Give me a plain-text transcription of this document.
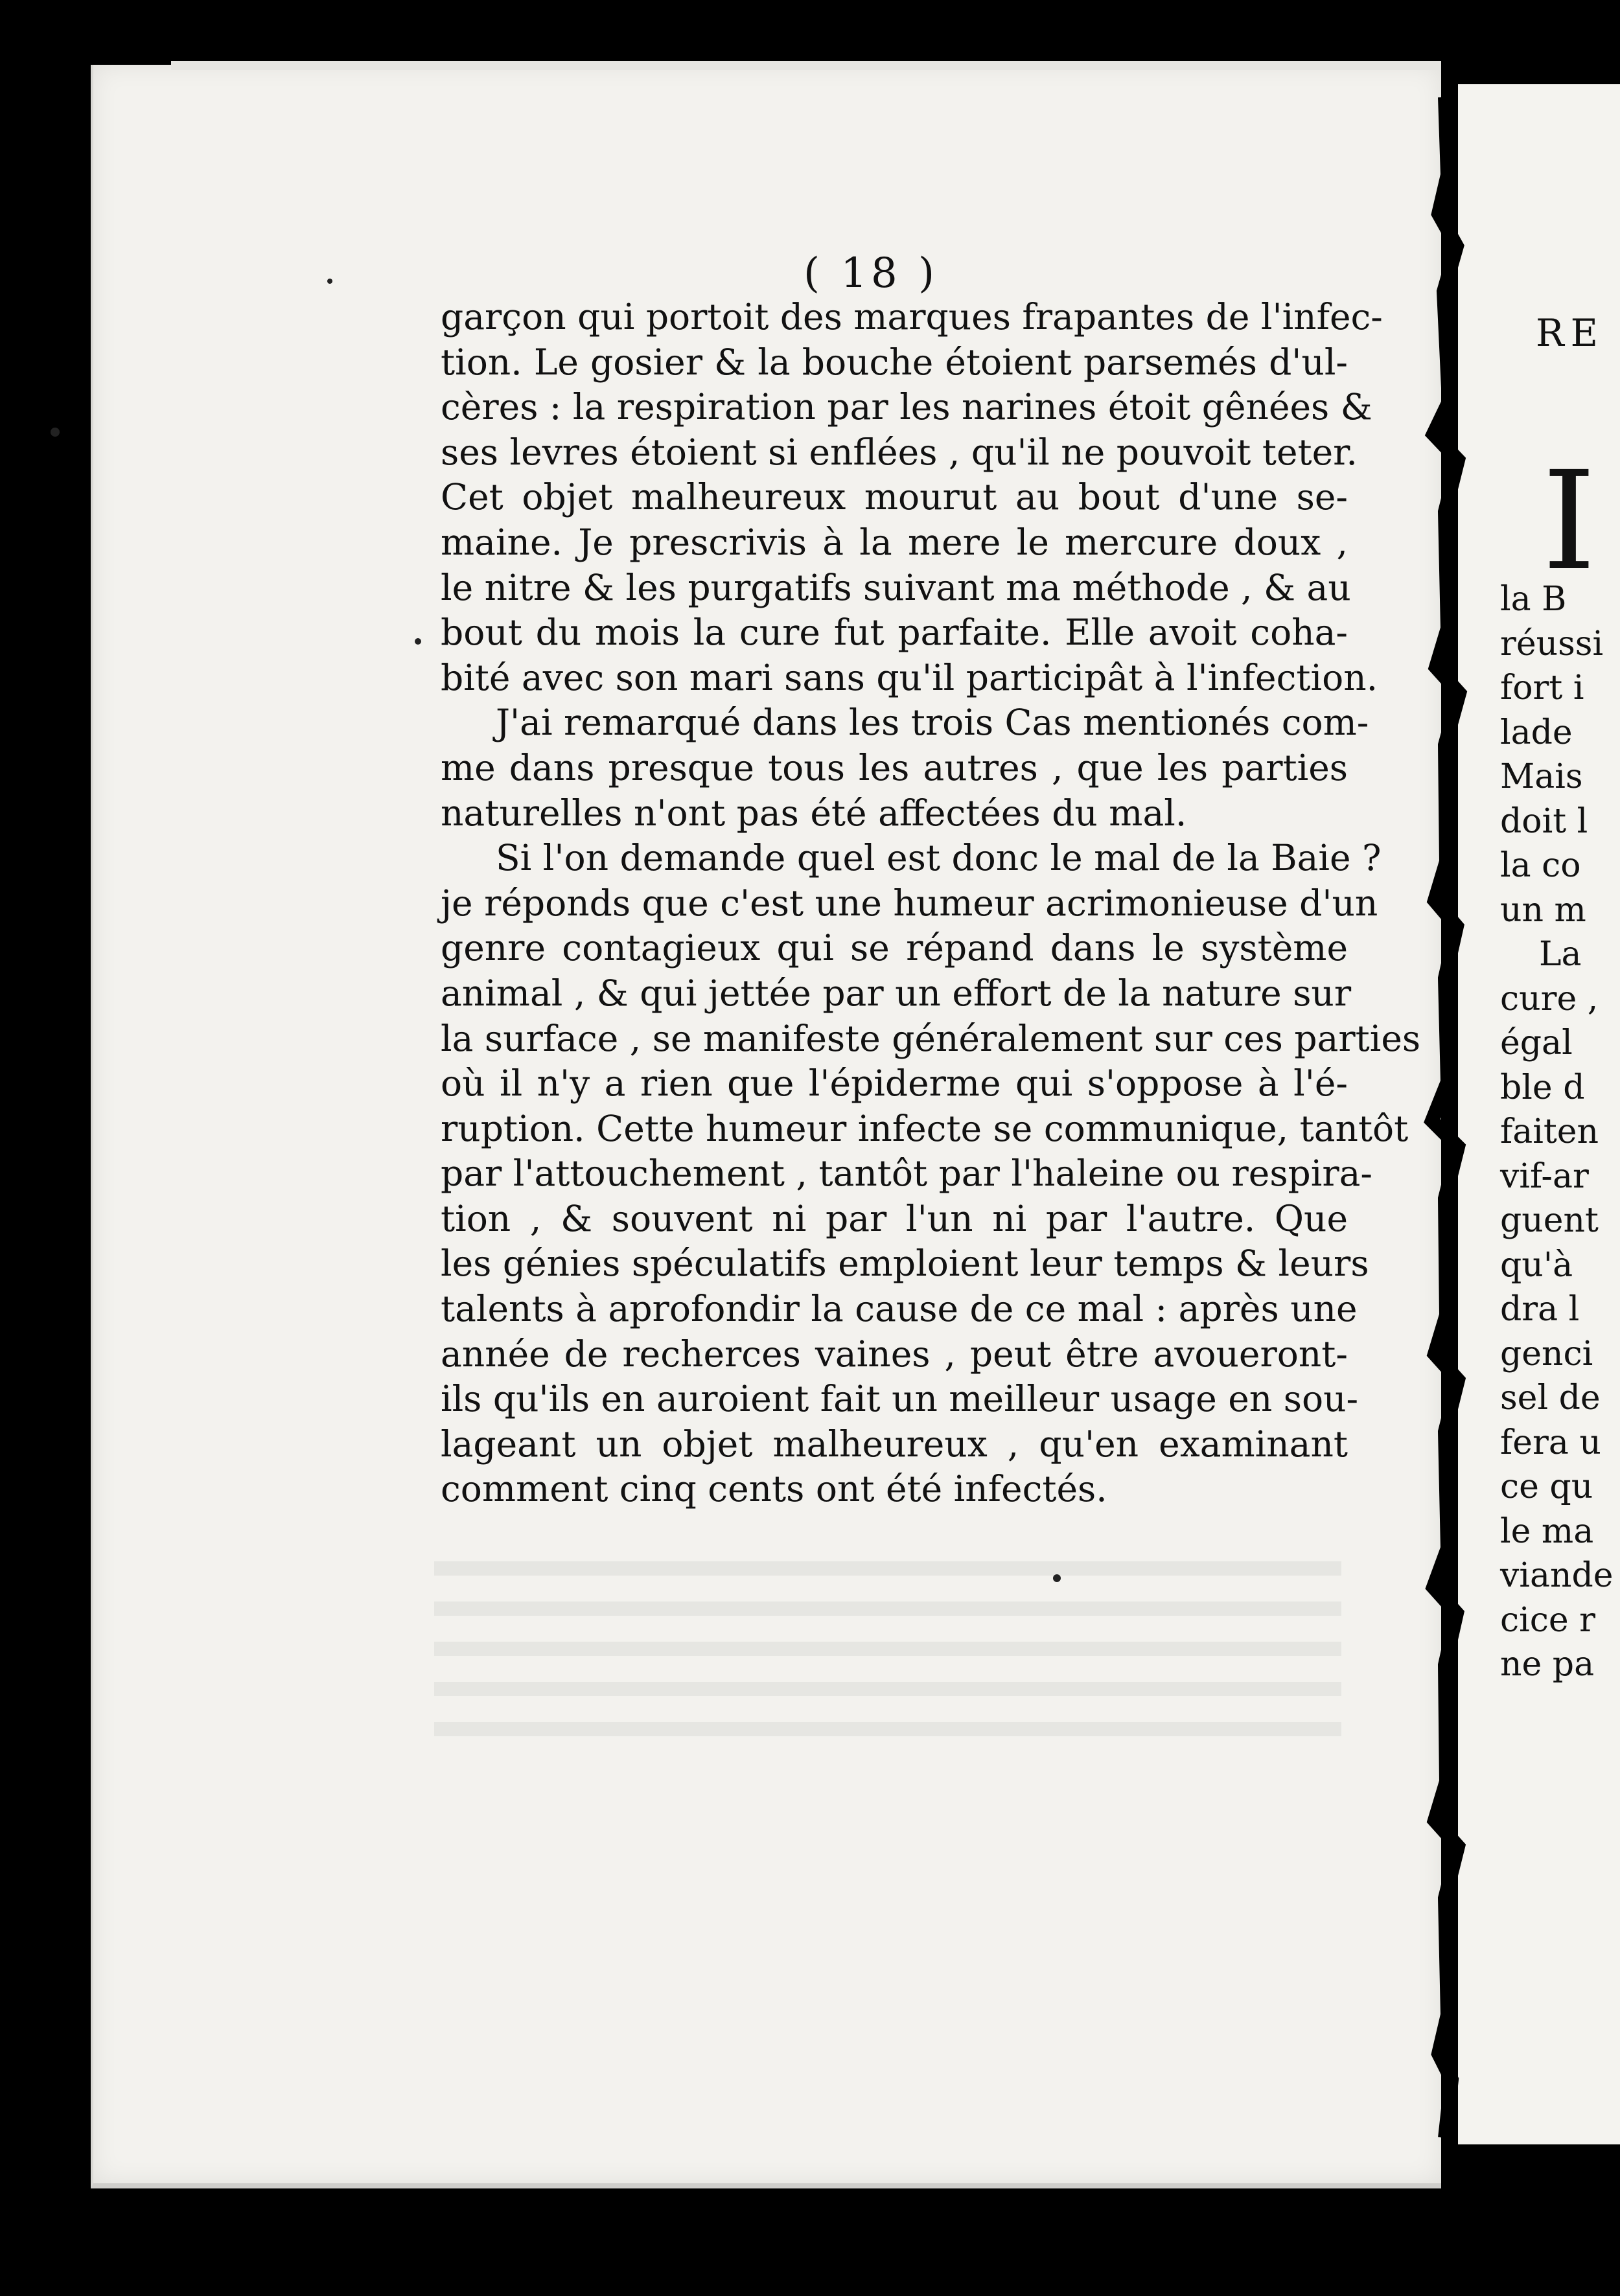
( 18 )
garçon qui portoit des marques frapantes de l'infec-
tion. Le gosier & la bouche étoient parsemés d'ul-
cères : la respiration par les narines étoit gênées &
ses levres étoient si enflées , qu'il ne pouvoit teter.
Cet objet malheureux mourut au bout d'une se-
maine. Je prescrivis à la mere le mercure doux ,
le nitre & les purgatifs suivant ma méthode , & au
bout du mois la cure fut parfaite. Elle avoit coha-
bité avec son mari sans qu'il participât à l'infection.
J'ai remarqué dans les trois Cas mentionés com-
me dans presque tous les autres , que les parties
naturelles n'ont pas été affectées du mal.
Si l'on demande quel est donc le mal de la Baie ?
je réponds que c'est une humeur acrimonieuse d'un
genre contagieux qui se répand dans le système
animal , & qui jettée par un effort de la nature sur
la surface , se manifeste généralement sur ces parties
où il n'y a rien que l'épiderme qui s'oppose à l'é-
ruption. Cette humeur infecte se communique, tantôt
par l'attouchement , tantôt par l'haleine ou respira-
tion , & souvent ni par l'un ni par l'autre. Que
les génies spéculatifs emploient leur temps & leurs
talents à aprofondir la cause de ce mal : après une
année de recherces vaines , peut être avoueront-
ils qu'ils en auroient fait un meilleur usage en sou-
lageant un objet malheureux , qu'en examinant
comment cinq cents ont été infectés.
RE
I
la B
réussi
fort i
lade
Mais
doit l
la co
un m
La
cure ,
égal
ble d
faiten
vif-ar
guent
qu'à
dra l
genci
sel de
fera u
ce qu
le ma
viande
cice r
ne pa
